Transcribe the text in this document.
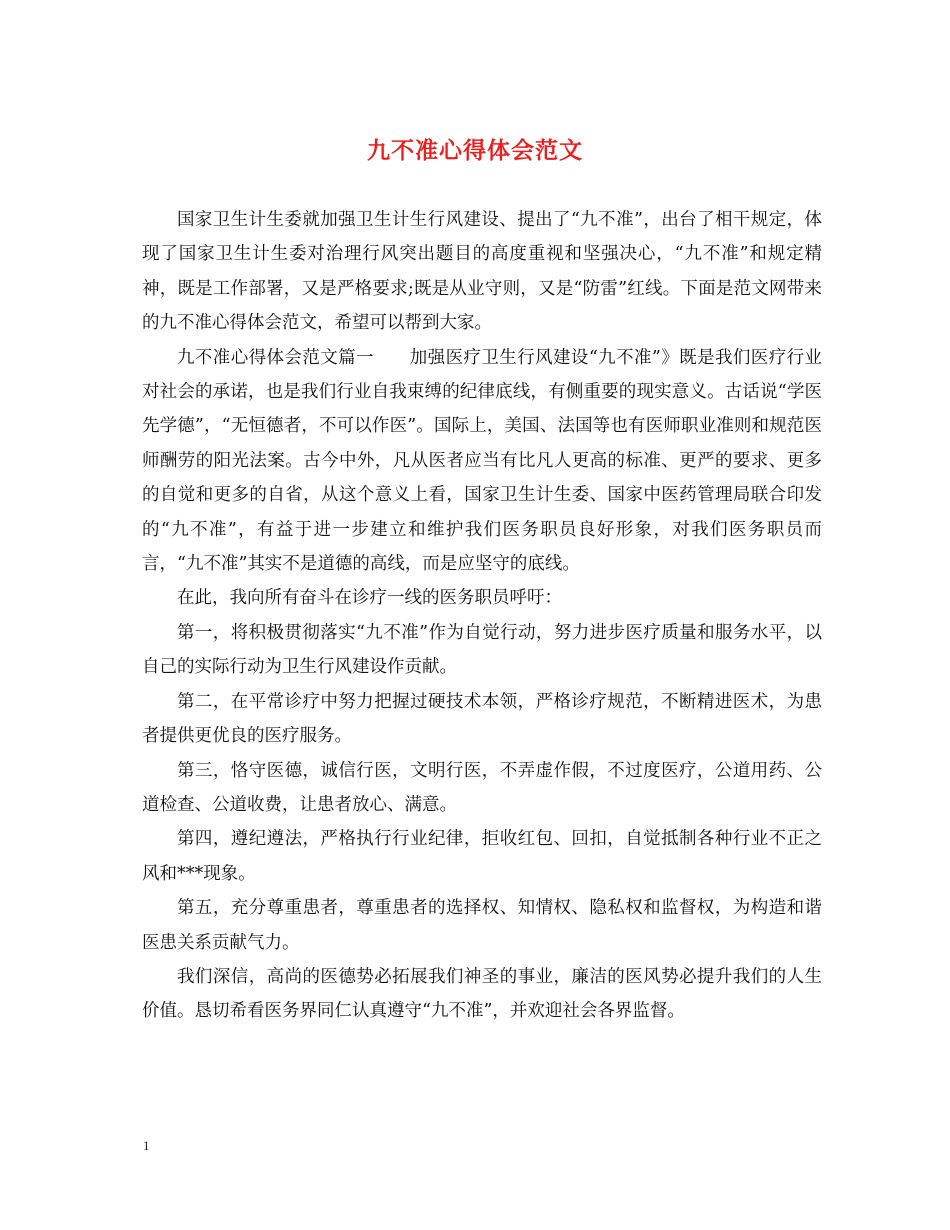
九不准心得体会范文

国家卫生计生委就加强卫生计生行风建设、提出了“九不准”，出台了相干规定，体现了国家卫生计生委对治理行风突出题目的高度重视和坚强决心，“九不准”和规定精神，既是工作部署，又是严格要求;既是从业守则，又是“防雷”红线。下面是范文网带来的九不准心得体会范文，希望可以帮到大家。

九不准心得体会范文篇一　　加强医疗卫生行风建设“九不准”》既是我们医疗行业对社会的承诺，也是我们行业自我束缚的纪律底线，有侧重要的现实意义。古话说“学医先学德”，“无恒德者，不可以作医”。国际上，美国、法国等也有医师职业准则和规范医师酬劳的阳光法案。古今中外，凡从医者应当有比凡人更高的标准、更严的要求、更多的自觉和更多的自省，从这个意义上看，国家卫生计生委、国家中医药管理局联合印发的“九不准”，有益于进一步建立和维护我们医务职员良好形象，对我们医务职员而言，“九不准”其实不是道德的高线，而是应坚守的底线。

在此，我向所有奋斗在诊疗一线的医务职员呼吁：

第一，将积极贯彻落实“九不准”作为自觉行动，努力进步医疗质量和服务水平，以自己的实际行动为卫生行风建设作贡献。

第二，在平常诊疗中努力把握过硬技术本领，严格诊疗规范，不断精进医术，为患者提供更优良的医疗服务。

第三，恪守医德，诚信行医，文明行医，不弄虚作假，不过度医疗，公道用药、公道检查、公道收费，让患者放心、满意。

第四，遵纪遵法，严格执行行业纪律，拒收红包、回扣，自觉抵制各种行业不正之风和***现象。

第五，充分尊重患者，尊重患者的选择权、知情权、隐私权和监督权，为构造和谐医患关系贡献气力。

我们深信，高尚的医德势必拓展我们神圣的事业，廉洁的医风势必提升我们的人生价值。恳切希看医务界同仁认真遵守“九不准”，并欢迎社会各界监督。

1
